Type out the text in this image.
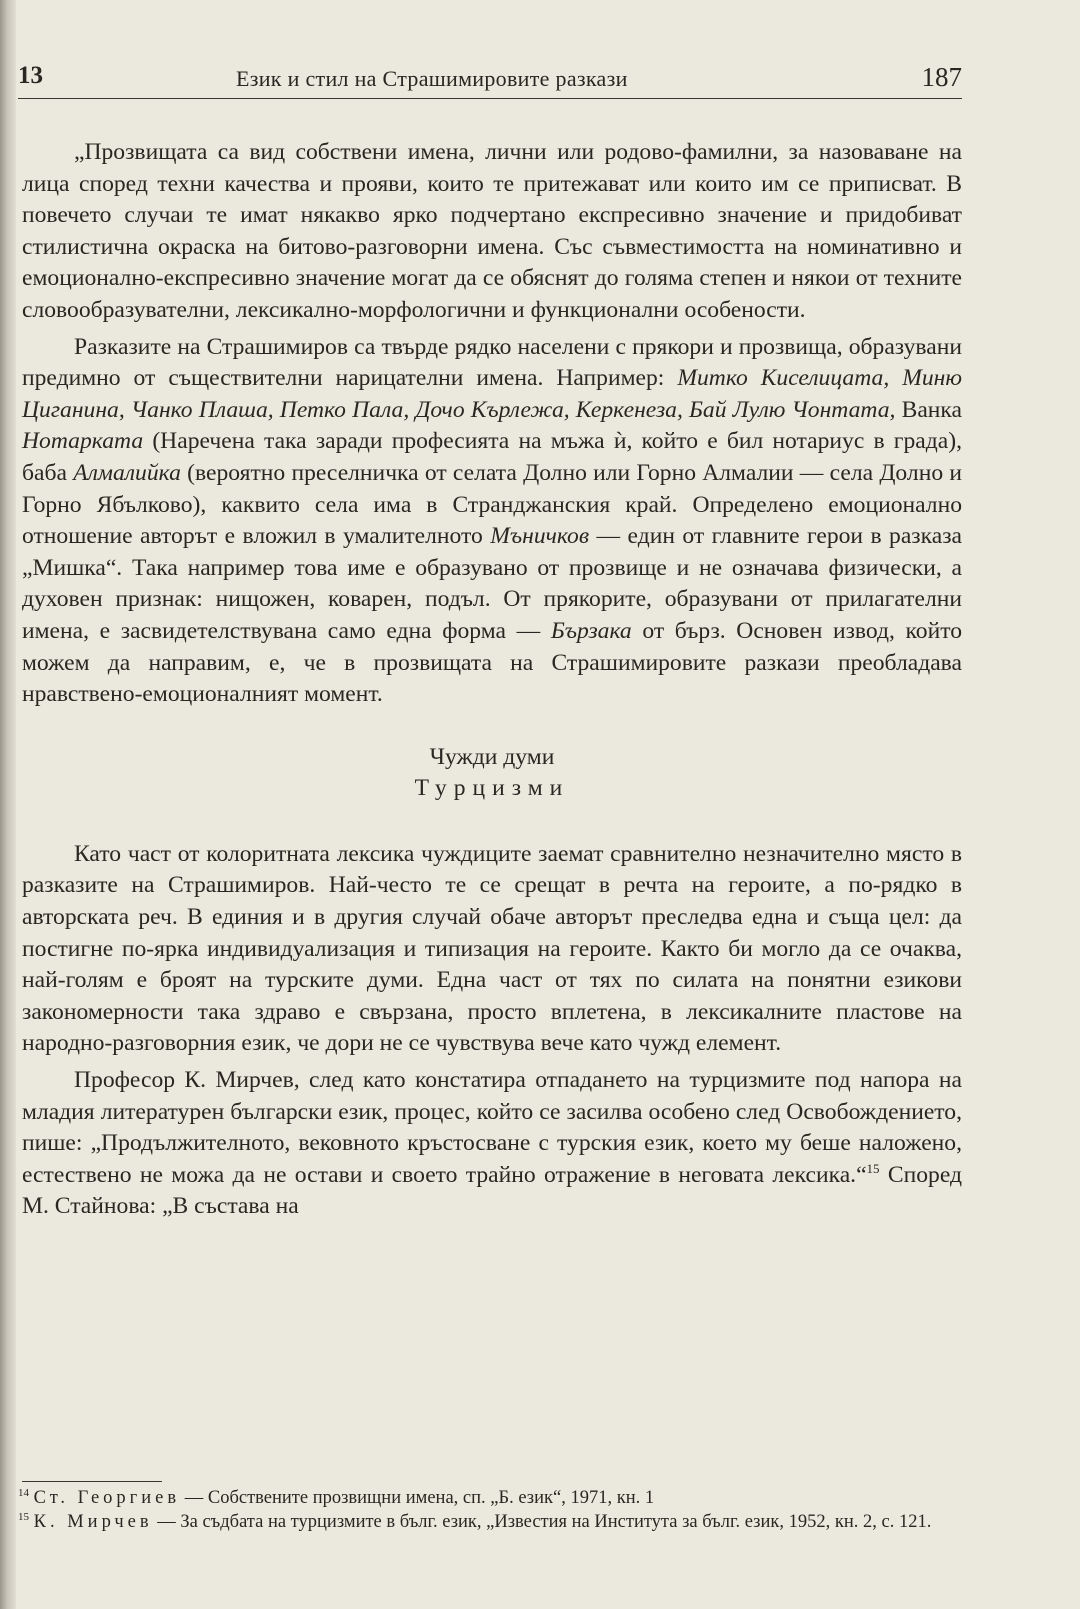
13	Език и стил на Страшимировите разкази	187

„Прозвищата са вид собствени имена, лични или родово-фамилни, за назоваване на лица според техни качества и прояви, които те притежават или които им се приписват. В повечето случаи те имат някакво ярко подчертано експресивно значение и придобиват стилистична окраска на битово-разговорни имена. Със съвместимостта на номинативно и емоционално-експресивно значение могат да се обяснят до голяма степен и някои от техните словообразувателни, лексикално-морфологични и функционални особености.

Разказите на Страшимиров са твърде рядко населени с прякори и прозвища, образувани предимно от съществителни нарицателни имена. Например: Митко Киселицата, Миню Циганина, Чанко Плаша, Петко Пала, Дочо Кърлежа, Керкенеза, Бай Лулю Чонтата, Ванка Нотарката (Наречена така заради професията на мъжа ѝ, който е бил нотариус в града), баба Алмалийка (вероятно преселничка от селата Долно или Горно Алмалии — села Долно и Горно Ябълково), каквито села има в Странджанския край. Определено емоционално отношение авторът е вложил в умалителното Мъничков — един от главните герои в разказа „Мишка“. Така например това име е образувано от прозвище и не означава физически, а духовен признак: нищожен, коварен, подъл. От прякорите, образувани от прилагателни имена, е засвидетелствувана само една форма — Бързака от бърз. Основен извод, който можем да направим, е, че в прозвищата на Страшимировите разкази преобладава нравствено-емоционалният момент.

Чужди думи
Турцизми

Като част от колоритната лексика чуждиците заемат сравнително незначително място в разказите на Страшимиров. Най-често те се срещат в речта на героите, а по-рядко в авторската реч. В единия и в другия случай обаче авторът преследва една и съща цел: да постигне по-ярка индивидуализация и типизация на героите. Както би могло да се очаква, най-голям е броят на турските думи. Една част от тях по силата на понятни езикови закономерности така здраво е свързана, просто вплетена, в лексикалните пластове на народно-разговорния език, че дори не се чувствува вече като чужд елемент.

Професор К. Мирчев, след като констатира отпадането на турцизмите под напора на младия литературен български език, процес, който се засилва особено след Освобождението, пише: „Продължителното, вековното кръстосване с турския език, което му беше наложено, естествено не можа да не остави и своето трайно отражение в неговата лексика.“$^{15}$ Според М. Стайнова: „В състава на

$^{14}$ Ст. Георгиев — Собствените прозвищни имена, сп. „Б. език“, 1971, кн. 1

$^{15}$ К. Мирчев — За съдбата на турцизмите в бълг. език, „Известия на Института за бълг. език, 1952, кн. 2, с. 121.
